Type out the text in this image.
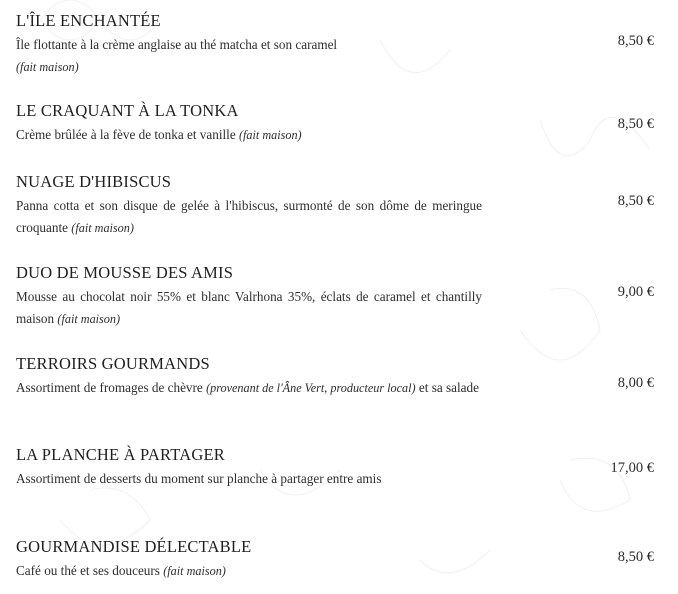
L'ÎLE ENCHANTÉE
Île flottante à la crème anglaise au thé matcha et son caramel
(fait maison)
8,50 €
LE CRAQUANT À LA TONKA
Crème brûlée à la fève de tonka et vanille (fait maison)
8,50 €
NUAGE D'HIBISCUS
Panna cotta et son disque de gelée à l'hibiscus, surmonté de son dôme de meringue croquante (fait maison)
8,50 €
DUO DE MOUSSE DES AMIS
Mousse au chocolat noir 55% et blanc Valrhona 35%, éclats de caramel et chantilly maison (fait maison)
9,00 €
TERROIRS GOURMANDS
Assortiment de fromages de chèvre (provenant de l'Âne Vert, producteur local) et sa salade	8,00 €
LA PLANCHE À PARTAGER
Assortiment de desserts du moment sur planche à partager entre amis
17,00 €
GOURMANDISE DÉLECTABLE
Café ou thé et ses douceurs (fait maison)
8,50 €
